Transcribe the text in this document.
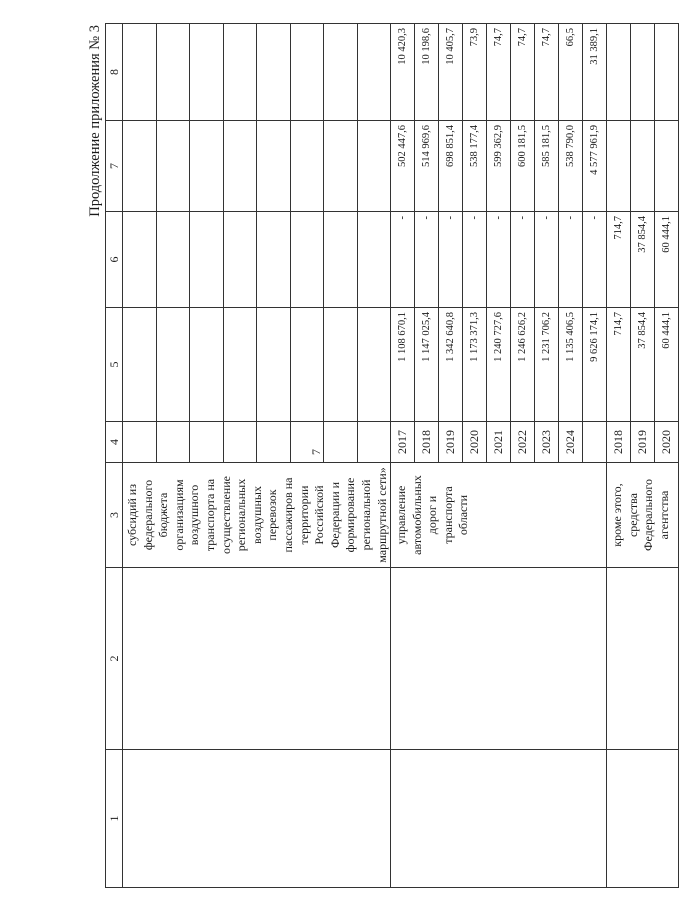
7
Продолжение приложения № 3
1	2	3	4	5	6	7	8	
		субсидий из федерального бюджета организациям воздушного транспорта на осуществление региональных воздушных перевозок пассажиров на территории Российской Федерации и формирование региональной маршрутной сети»						

		управление автомобильных дорог и транспорта области	2017	1 108 670,1	-	502 447,6	10 420,3	
			2018	1 147 025,4	-	514 969,6	10 198,6	
			2019	1 342 640,8	-	698 851,4	10 405,7	
			2020	1 173 371,3	-	538 177,4	73,9	
			2021	1 240 727,6	-	599 362,9	74,7	
			2022	1 246 626,2	-	600 181,5	74,7	
			2023	1 231 706,2	-	585 181,5	74,7	
			2024	1 135 406,5	-	538 790,0	66,5	
				9 626 174,1	-	4 577 961,9	31 389,1	
		кроме этого, средства Федерального агентства	2018	714,7	714,7			
			2019	37 854,4	37 854,4			
			2020	60 444,1	60 444,1			
